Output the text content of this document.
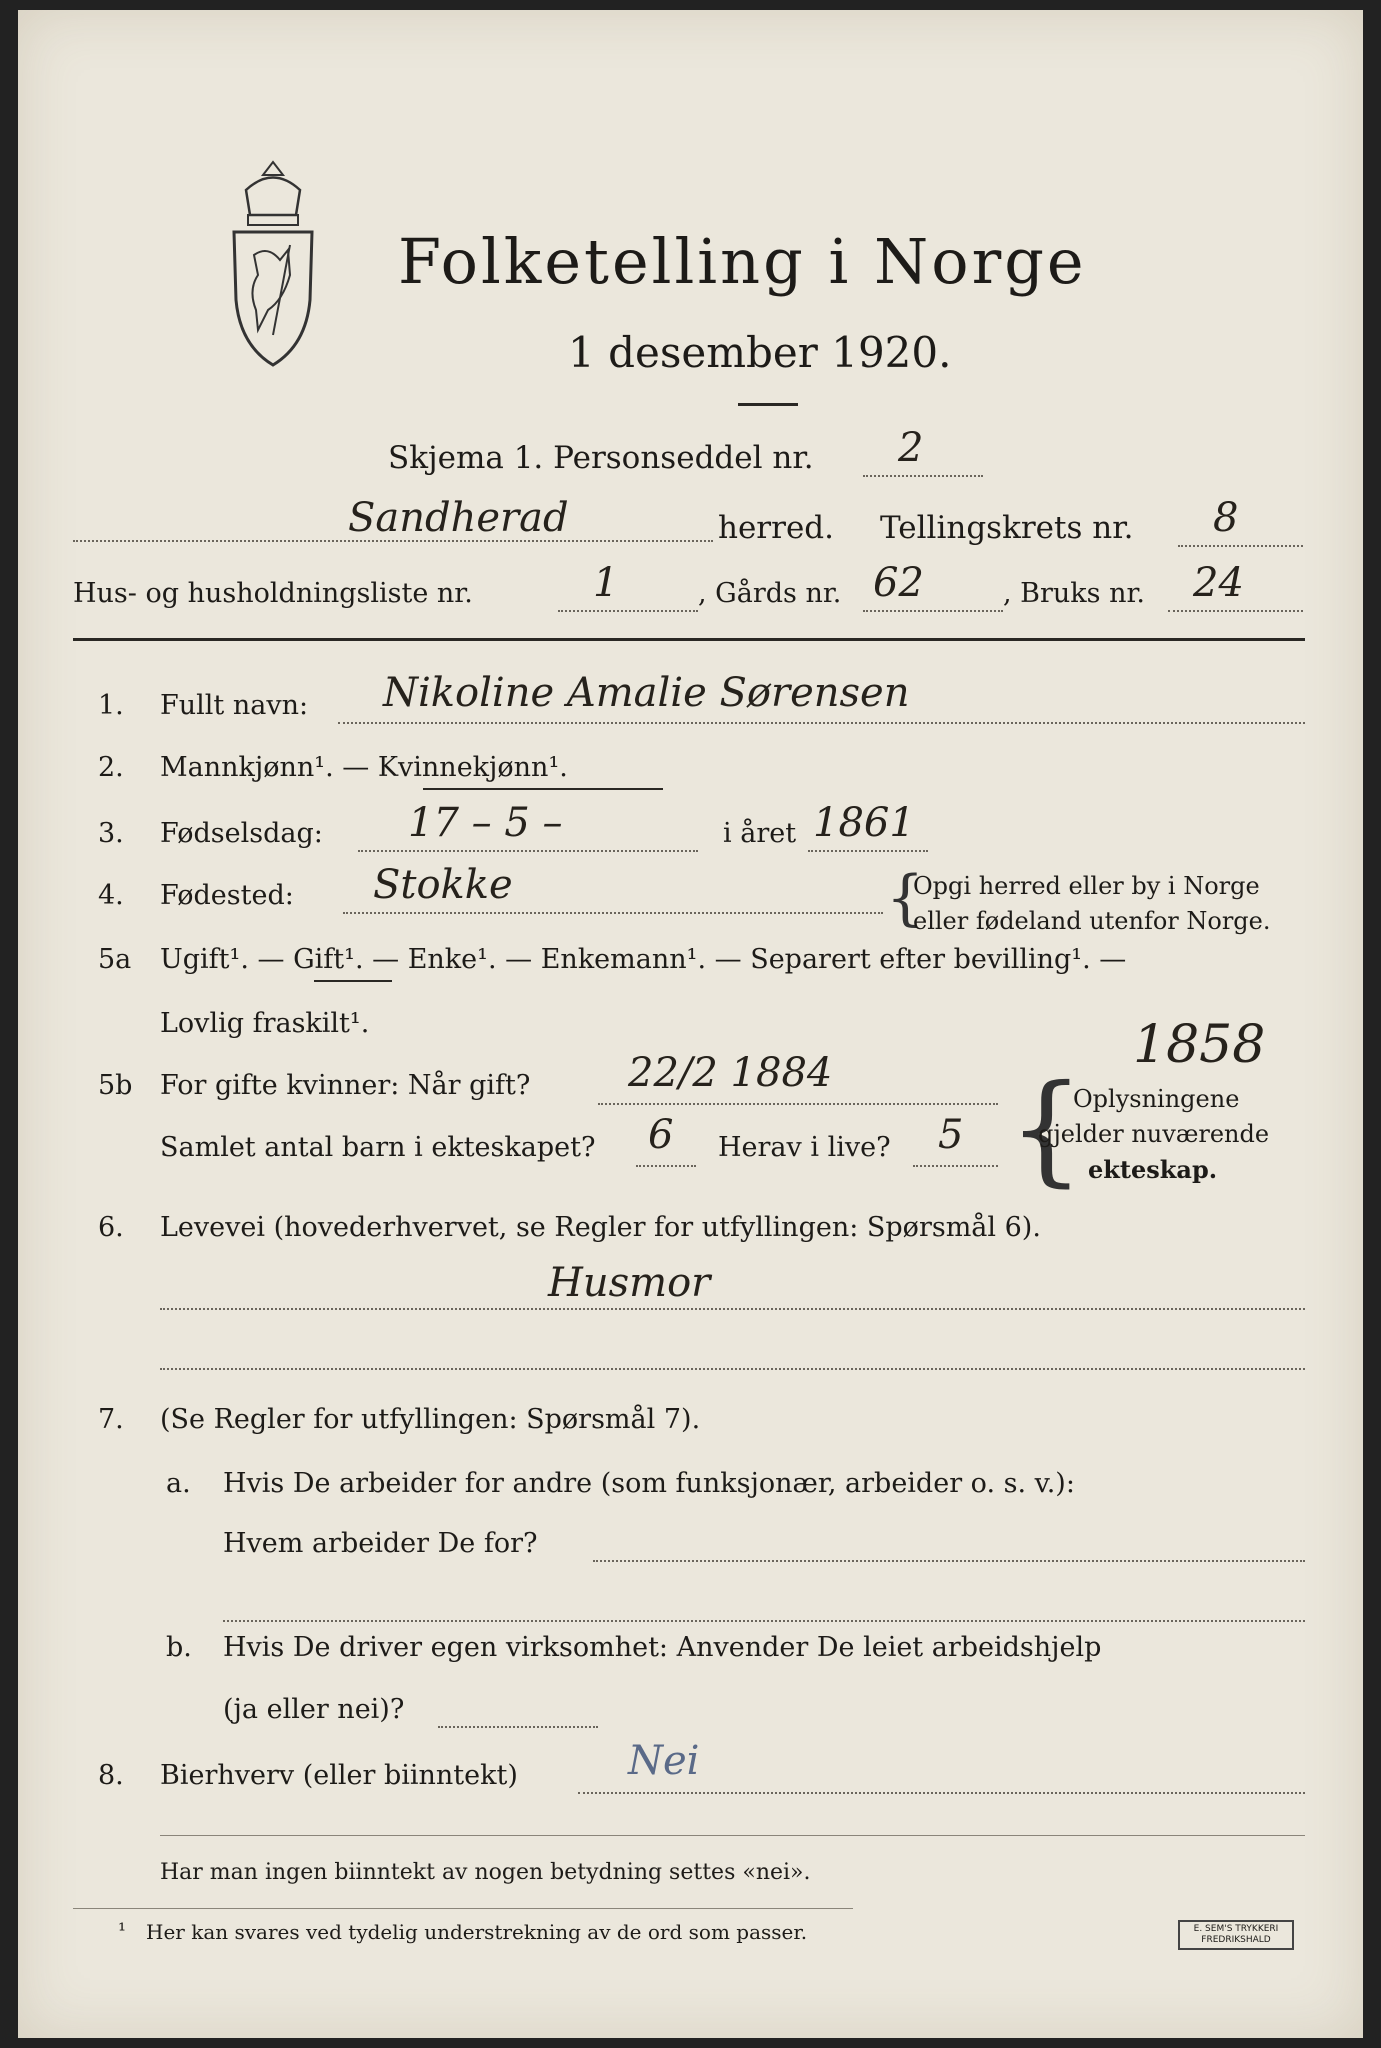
Folketelling i Norge
1 desember 1920.
Skjema 1. Personseddel nr. 2
Sandherad	herred. Tellingskrets nr. 8
Hus- og husholdningsliste nr.	1	, Gårds nr. 62	, Bruks nr. 24
1. Fullt navn: Nikoline Amalie Sørensen
2. Mannkjønn¹. — Kvinnekjønn¹.
3. Fødselsdag: 17 – 5 –	i året 1861
4. Fødested: Stokke	{
Opgi herred eller by i Norge
eller fødeland utenfor Norge.
5a Ugift¹. — Gift¹. — Enke¹. — Enkemann¹. — Separert efter bevilling¹. —
Lovlig fraskilt¹.	1858
5b For gifte kvinner: Når gift? 22/2 1884
Samlet antal barn i ekteskapet? 6 Herav i live? 5 {
Oplysningene
gjelder nuværende
ekteskap.
6. Levevei (hovederhvervet, se Regler for utfyllingen: Spørsmål 6).
Husmor
7. (Se Regler for utfyllingen: Spørsmål 7).
a. Hvis De arbeider for andre (som funksjonær, arbeider o. s. v.):
Hvem arbeider De for?
b. Hvis De driver egen virksomhet: Anvender De leiet arbeidshjelp
(ja eller nei)?
8. Bierhverv (eller biinntekt)	Nei
Har man ingen biinntekt av nogen betydning settes «nei».
¹ Her kan svares ved tydelig understrekning av de ord som passer.	E. SEM'S TRYKKERI FREDRIKSHALD
